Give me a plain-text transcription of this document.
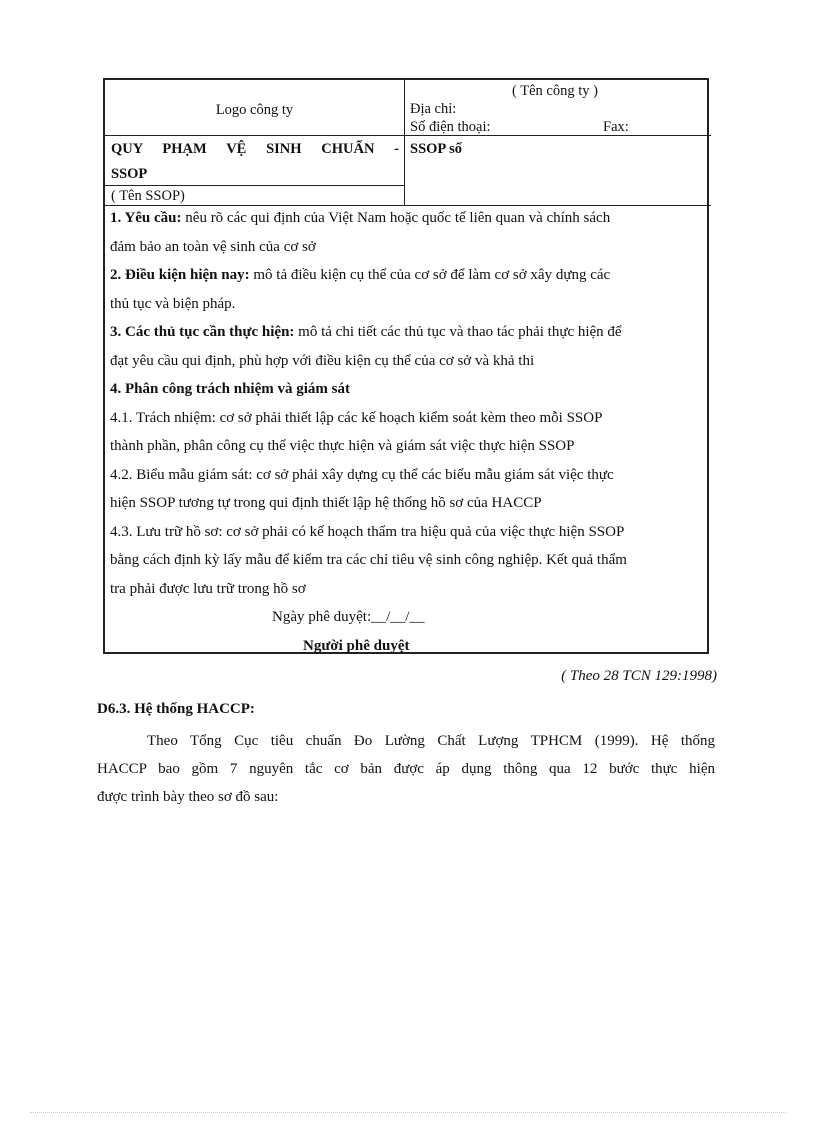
Logo công ty
( Tên công ty )
Địa chỉ:
Số điện thoại:	Fax:
QUY PHẠM VỆ SINH CHUẨN -
SSOP
( Tên SSOP)
SSOP số
1. Yêu cầu: nêu rõ các qui định của Việt Nam hoặc quốc tế liên quan và chính sách
đảm bảo an toàn vệ sinh của cơ sở
2. Điều kiện hiện nay: mô tả điều kiện cụ thể của cơ sở để làm cơ sở xây dựng các
thủ tục và biện pháp.
3. Các thủ tục cần thực hiện: mô tả chi tiết các thủ tục và thao tác phải thực hiện để
đạt yêu cầu qui định, phù hợp với điều kiện cụ thể của cơ sở và khả thi
4. Phân công trách nhiệm và giám sát
4.1. Trách nhiệm: cơ sở phải thiết lập các kế hoạch kiểm soát kèm theo mỗi SSOP
thành phần, phân công cụ thể việc thực hiện và giám sát việc thực hiện SSOP
4.2. Biểu mẫu giám sát: cơ sở phải xây dựng cụ thể các biểu mẫu giám sát việc thực
hiện SSOP tương tự trong qui định thiết lập hệ thống hồ sơ của HACCP
4.3. Lưu trữ hồ sơ: cơ sở phải có kế hoạch thẩm tra hiệu quả của việc thực hiện SSOP
bằng cách định kỳ lấy mẫu để kiểm tra các chỉ tiêu vệ sinh công nghiệp. Kết quả thẩm
tra phải được lưu trữ trong hồ sơ
Ngày phê duyệt:__/__/__
Người phê duyệt
( Theo 28 TCN 129:1998)
D6.3. Hệ thống HACCP:
Theo Tổng Cục tiêu chuẩn Đo Lường Chất Lượng TPHCM (1999). Hệ thống
HACCP bao gồm 7 nguyên tắc cơ bản được áp dụng thông qua 12 bước thực hiện
được trình bày theo sơ đồ sau:
